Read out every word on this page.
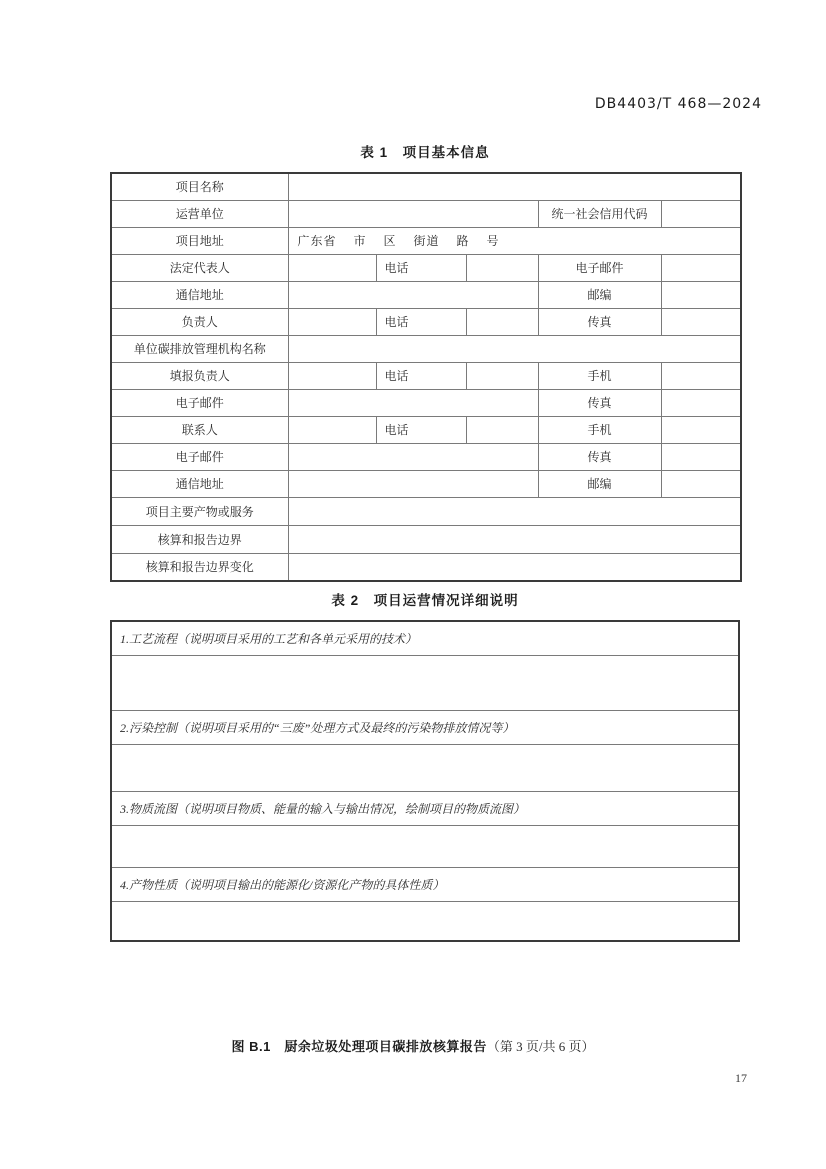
DB4403/T 468—2024
表 1　项目基本信息
项目名称					
运营单位				统一社会信用代码	
项目地址	广东省　 市　 区　 街道　 路　 号				
法定代表人		电话		电子邮件	
通信地址				邮编	
负责人		电话		传真	
单位碳排放管理机构名称					
填报负责人		电话		手机	
电子邮件				传真	
联系人		电话		手机	
电子邮件				传真	
通信地址				邮编	
项目主要产物或服务					
核算和报告边界					
核算和报告边界变化					
表 2　项目运营情况详细说明
1.工艺流程（说明项目采用的工艺和各单元采用的技术）

2.污染控制（说明项目采用的“三废”处理方式及最终的污染物排放情况等）

3.物质流图（说明项目物质、能量的输入与输出情况，绘制项目的物质流图）

4.产物性质（说明项目输出的能源化/资源化产物的具体性质）

图 B.1　厨余垃圾处理项目碳排放核算报告（第 3 页/共 6 页）
17
